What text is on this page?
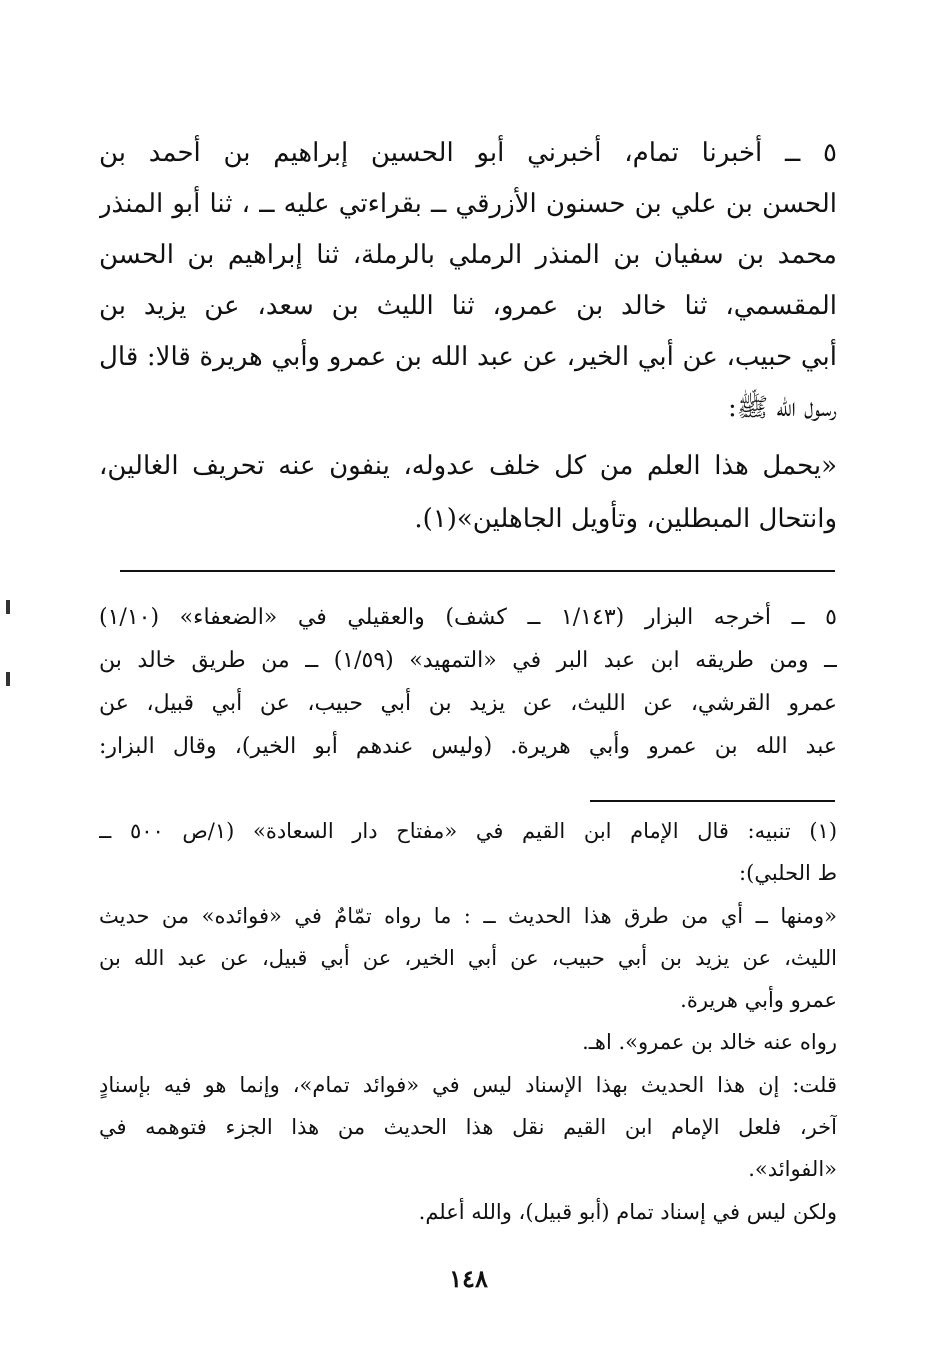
٥ ــ أخبرنا تمام، أخبرني أبو الحسين إبراهيم بن أحمد بن
الحسن بن علي بن حسنون الأزرقي ــ بقراءتي عليه ــ ، ثنا أبو المنذر
محمد بن سفيان بن المنذر الرملي بالرملة، ثنا إبراهيم بن الحسن
المقسمي، ثنا خالد بن عمرو، ثنا الليث بن سعد، عن يزيد بن
أبي حبيب، عن أبي الخير، عن عبد الله بن عمرو وأبي هريرة قالا: قال
رسول الله ﷺ:
«يحمل هذا العلم من كل خلف عدوله، ينفون عنه تحريف الغالين،
وانتحال المبطلين، وتأويل الجاهلين»(١).
٥ ــ أخرجه البزار (١/١٤٣ ــ كشف) والعقيلي في «الضعفاء» (١/١٠)
ــ ومن طريقه ابن عبد البر في «التمهيد» (١/٥٩) ــ من طريق خالد بن
عمرو القرشي، عن الليث، عن يزيد بن أبي حبيب، عن أبي قبيل، عن
عبد الله بن عمرو وأبي هريرة. (وليس عندهم أبو الخير)، وقال البزار:
(١) تنبيه: قال الإمام ابن القيم في «مفتاح دار السعادة» (١/ص ٥٠٠ ــ
ط الحلبي):
«ومنها ــ أي من طرق هذا الحديث ــ : ما رواه تمّامٌ في «فوائده» من حديث
الليث، عن يزيد بن أبي حبيب، عن أبي الخير، عن أبي قبيل، عن عبد الله بن
عمرو وأبي هريرة.
رواه عنه خالد بن عمرو». اهـ.
قلت: إن هذا الحديث بهذا الإسناد ليس في «فوائد تمام»، وإنما هو فيه بإسنادٍ
آخر، فلعل الإمام ابن القيم نقل هذا الحديث من هذا الجزء فتوهمه في
«الفوائد».
ولكن ليس في إسناد تمام (أبو قبيل)، والله أعلم.
١٤٨
